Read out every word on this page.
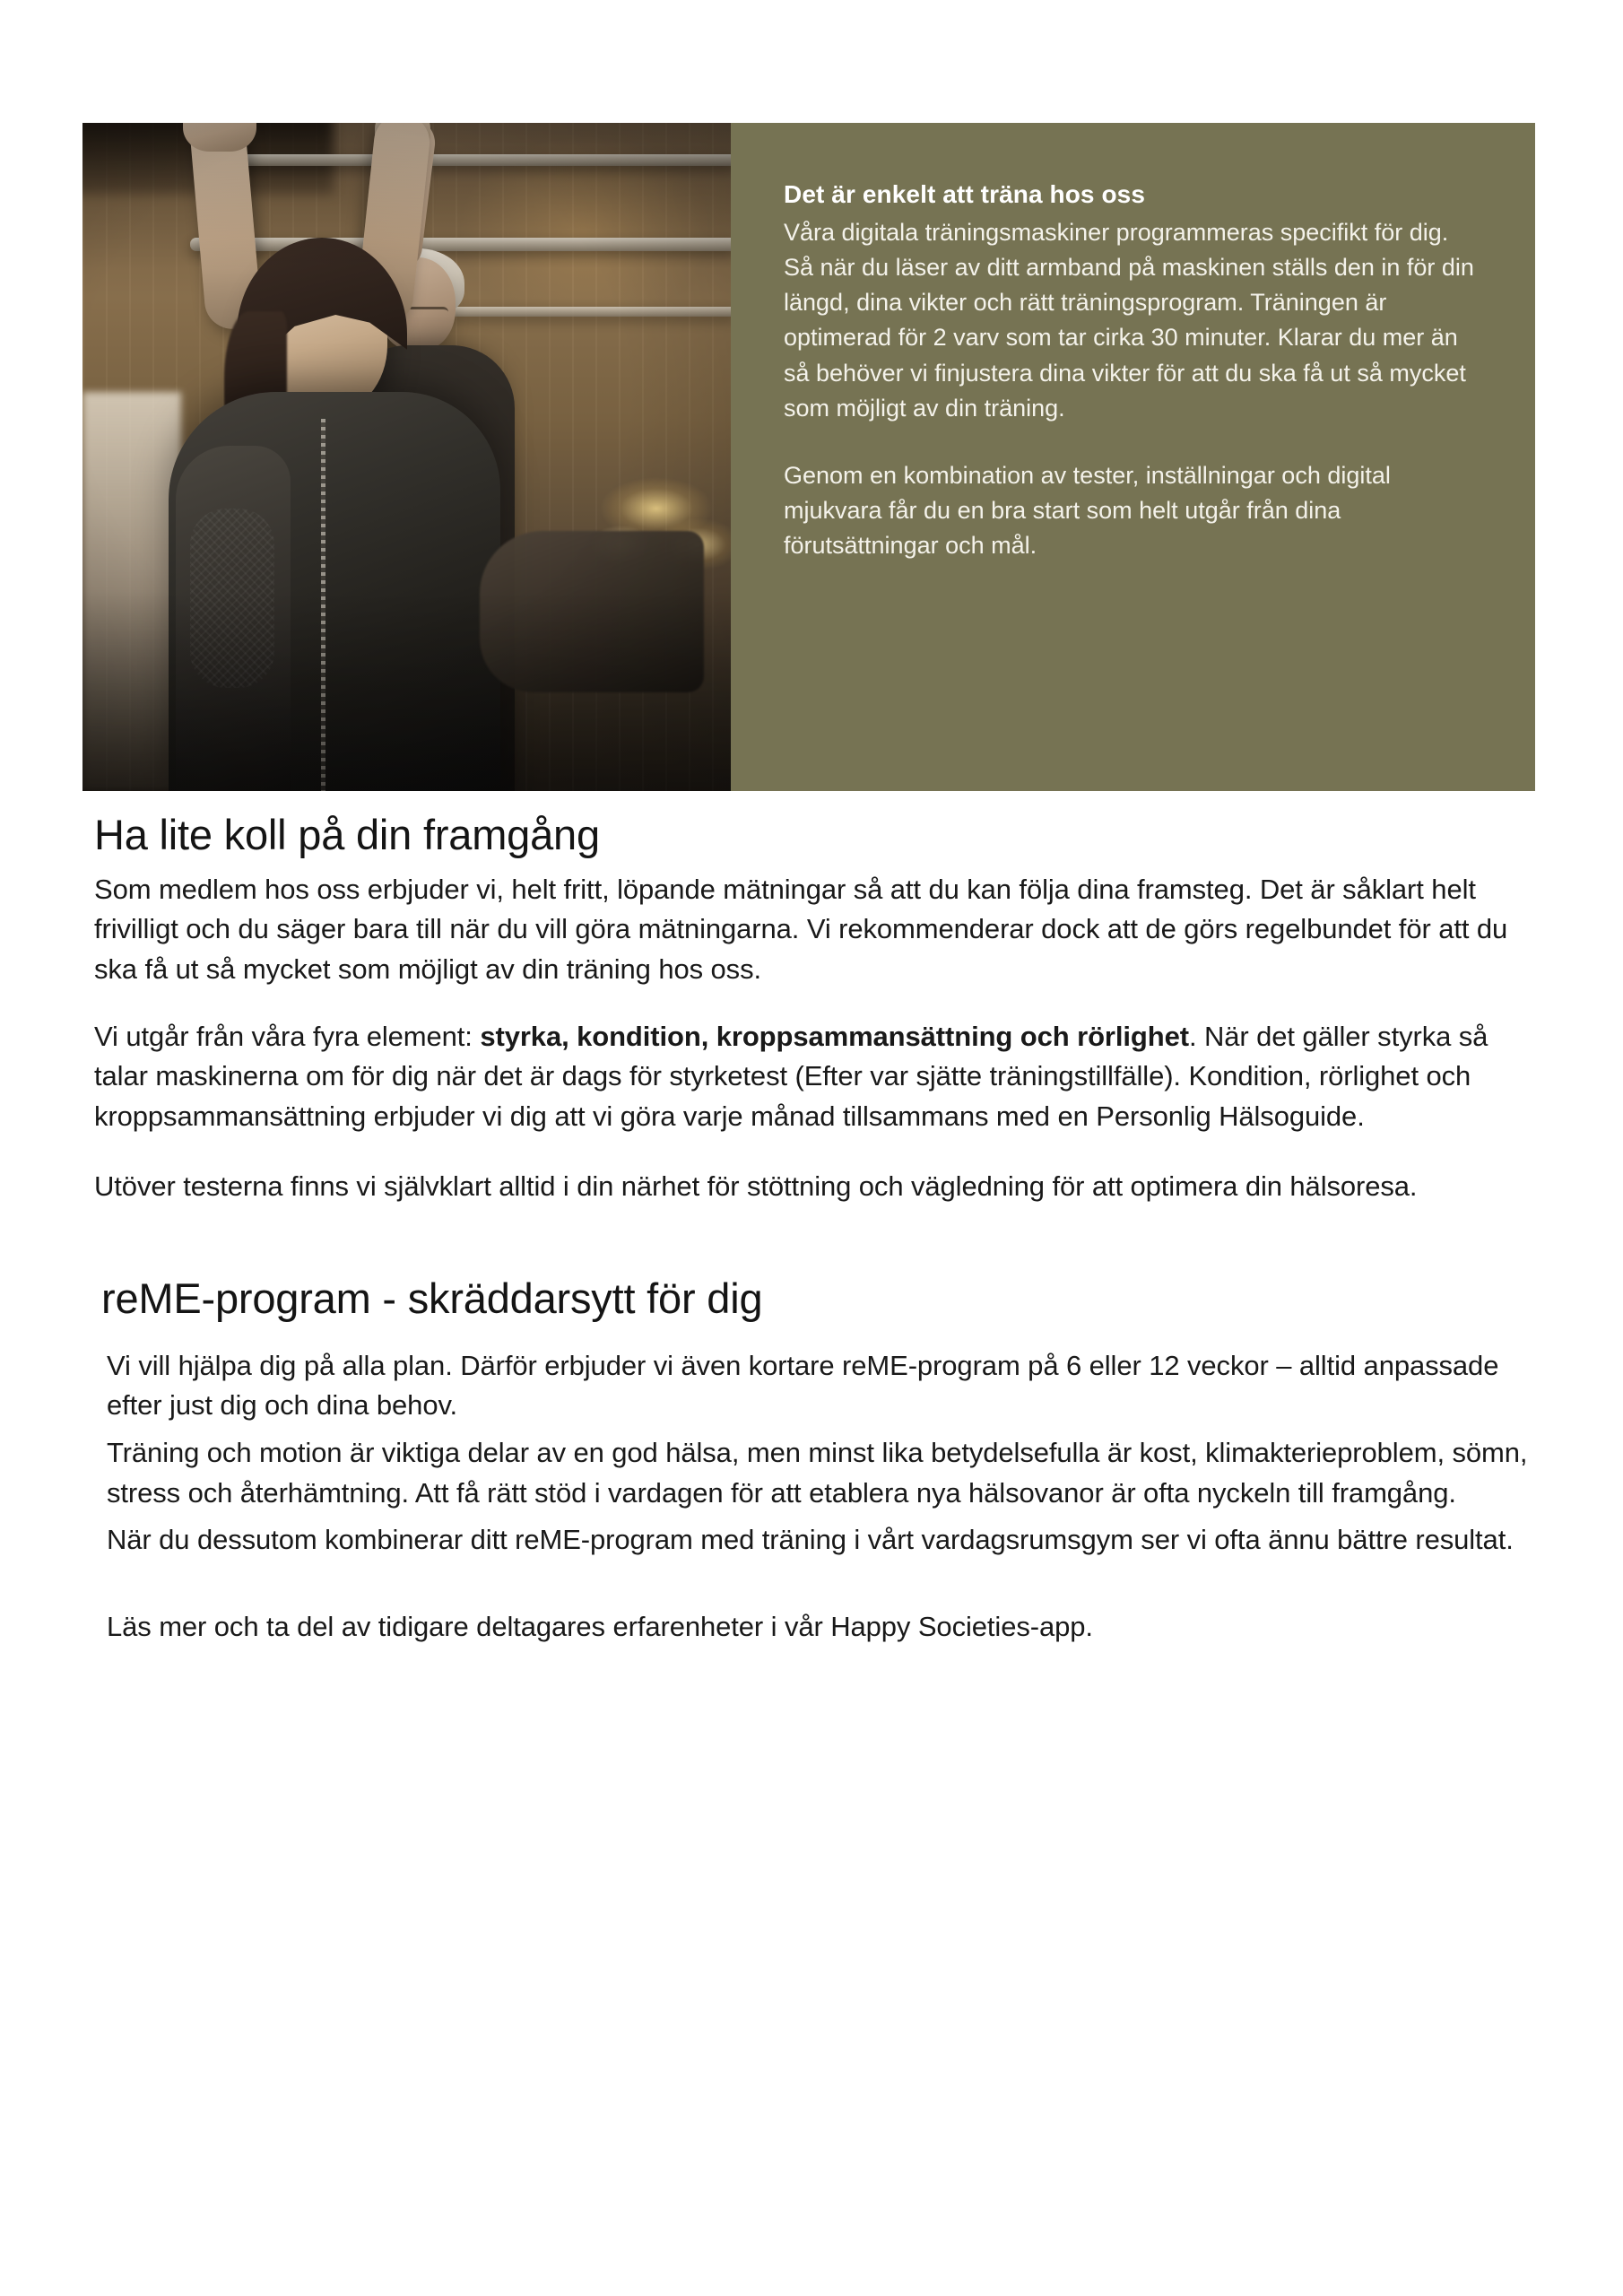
Det är enkelt att träna hos oss

Våra digitala träningsmaskiner programmeras specifikt för dig. Så när du läser av ditt armband på maskinen ställs den in för din längd, dina vikter och rätt träningsprogram. Träningen är optimerad för 2 varv som tar cirka 30 minuter. Klarar du mer än så behöver vi finjustera dina vikter för att du ska få ut så mycket som möjligt av din träning.

Genom en kombination av tester, inställningar och digital mjukvara får du en bra start som helt utgår från dina förutsättningar och mål.

Ha lite koll på din framgång

Som medlem hos oss erbjuder vi, helt fritt, löpande mätningar så att du kan följa dina framsteg. Det är såklart helt frivilligt och du säger bara till när du vill göra mätningarna. Vi rekommenderar dock att de görs regelbundet för att du ska få ut så mycket som möjligt av din träning hos oss.

Vi utgår från våra fyra element: styrka, kondition, kroppsammansättning och rörlighet. När det gäller styrka så talar maskinerna om för dig när det är dags för styrketest (Efter var sjätte träningstillfälle). Kondition, rörlighet och kroppsammansättning erbjuder vi dig att vi göra varje månad tillsammans med en Personlig Hälsoguide.

Utöver testerna finns vi självklart alltid i din närhet för stöttning och vägledning för att optimera din hälsoresa.

reME-program - skräddarsytt för dig

Vi vill hjälpa dig på alla plan. Därför erbjuder vi även kortare reME-program på 6 eller 12 veckor – alltid anpassade efter just dig och dina behov.

Träning och motion är viktiga delar av en god hälsa, men minst lika betydelsefulla är kost, klimakterieproblem, sömn, stress och återhämtning. Att få rätt stöd i vardagen för att etablera nya hälsovanor är ofta nyckeln till framgång.

När du dessutom kombinerar ditt reME-program med träning i vårt vardagsrumsgym ser vi ofta ännu bättre resultat.

Läs mer och ta del av tidigare deltagares erfarenheter i vår Happy Societies-app.
